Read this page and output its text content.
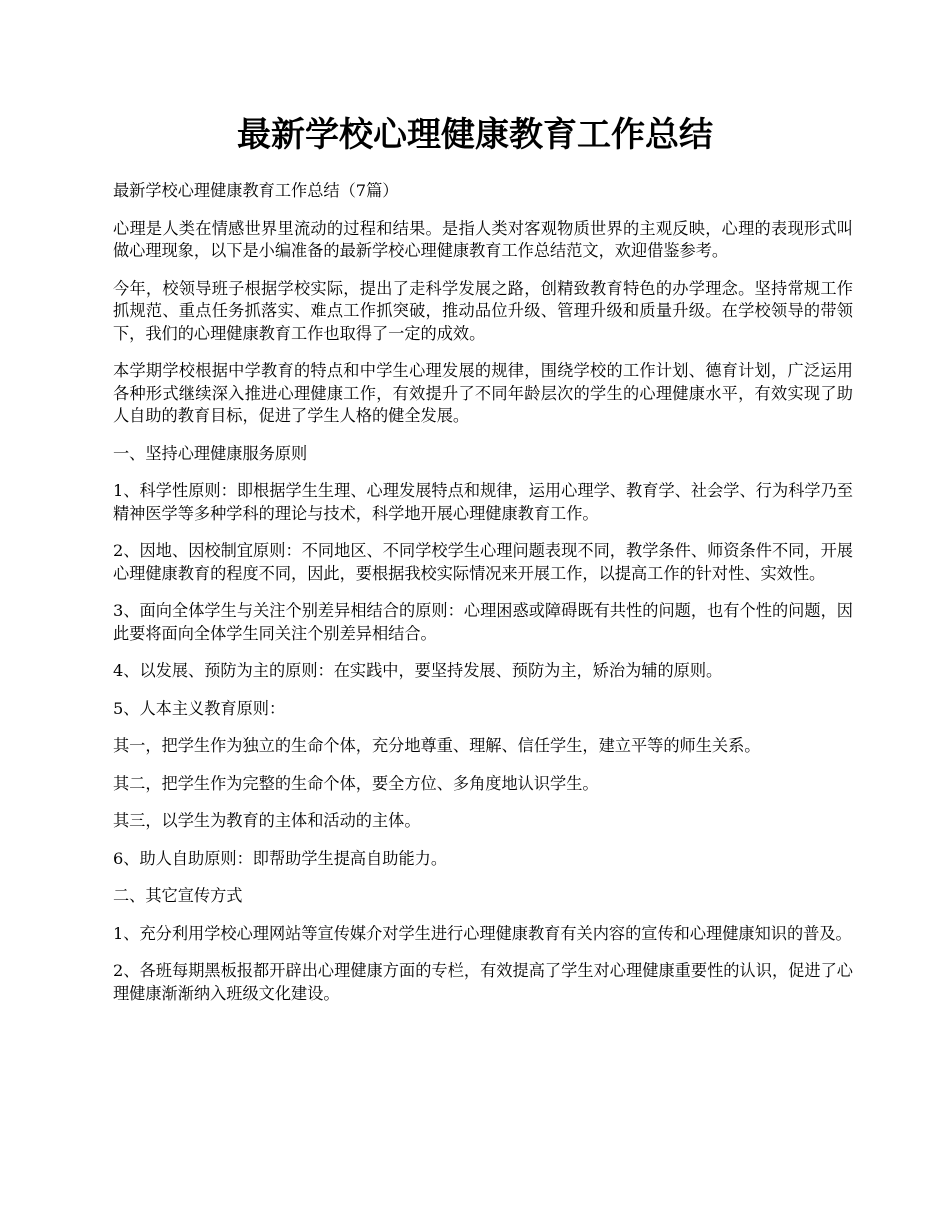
最新学校心理健康教育工作总结

最新学校心理健康教育工作总结（7篇）

心理是人类在情感世界里流动的过程和结果。是指人类对客观物质世界的主观反映，心理的表现形式叫做心理现象，以下是小编准备的最新学校心理健康教育工作总结范文，欢迎借鉴参考。

今年，校领导班子根据学校实际，提出了走科学发展之路，创精致教育特色的办学理念。坚持常规工作抓规范、重点任务抓落实、难点工作抓突破，推动品位升级、管理升级和质量升级。在学校领导的带领下，我们的心理健康教育工作也取得了一定的成效。

本学期学校根据中学教育的特点和中学生心理发展的规律，围绕学校的工作计划、德育计划，广泛运用各种形式继续深入推进心理健康工作，有效提升了不同年龄层次的学生的心理健康水平，有效实现了助人自助的教育目标，促进了学生人格的健全发展。

一、坚持心理健康服务原则

1、科学性原则：即根据学生生理、心理发展特点和规律，运用心理学、教育学、社会学、行为科学乃至精神医学等多种学科的理论与技术，科学地开展心理健康教育工作。

2、因地、因校制宜原则：不同地区、不同学校学生心理问题表现不同，教学条件、师资条件不同，开展心理健康教育的程度不同，因此，要根据我校实际情况来开展工作，以提高工作的针对性、实效性。

3、面向全体学生与关注个别差异相结合的原则：心理困惑或障碍既有共性的问题，也有个性的问题，因此要将面向全体学生同关注个别差异相结合。

4、以发展、预防为主的原则：在实践中，要坚持发展、预防为主，矫治为辅的原则。

5、人本主义教育原则：

其一，把学生作为独立的生命个体，充分地尊重、理解、信任学生，建立平等的师生关系。

其二，把学生作为完整的生命个体，要全方位、多角度地认识学生。

其三，以学生为教育的主体和活动的主体。

6、助人自助原则：即帮助学生提高自助能力。

二、其它宣传方式

1、充分利用学校心理网站等宣传媒介对学生进行心理健康教育有关内容的宣传和心理健康知识的普及。

2、各班每期黑板报都开辟出心理健康方面的专栏，有效提高了学生对心理健康重要性的认识，促进了心理健康渐渐纳入班级文化建设。
